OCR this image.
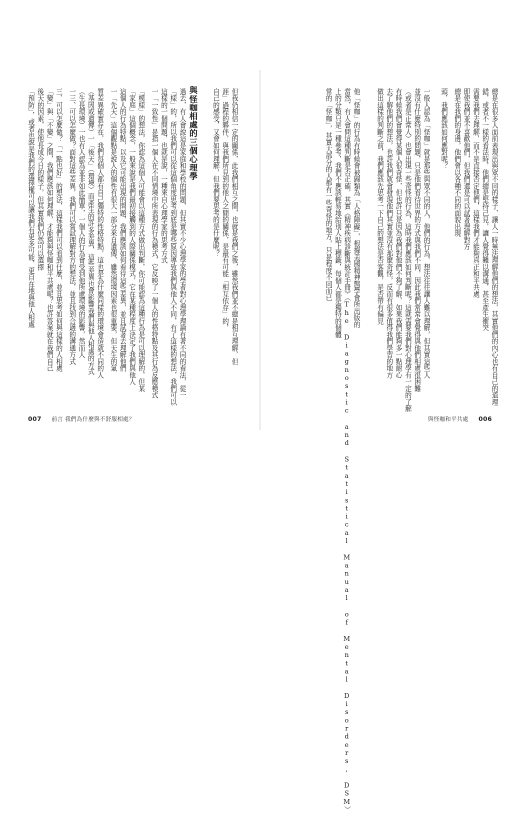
但我仍相信一定的關係，此我們相互之間，也就是我們之後，雖然我們並不總是相互理解，但

涯」過程的夥伴，與我們所見到的他人之間的關係，是最有可能「相互依存」的，

自己的感受，又會如何理解，但我們要思考的是什麼呢？

與怪咖相處的三個心理學

過去，有人會說這是家庭和學校的問題，但其實不少心理學家的學者對心理學理論有著不同的看法，從一

「樣」的，所以我們可以從這個角度思考到底是哪些原因導致我們與他人不同，有了這樣的想法，我們可以

這樣的一個問題，也就是說，一種來自心理學家的思考方式

一「一致性」是指一個人在不同情境中所表現的行為模式，它反映了一個人的性格特點及其行為反應模式

「模樣」的想法，你認為這個人可能會以這種方式做出判斷，你可能認為這種行為是可以理解的，但某

「家庭」這個概念，一般來說是我們最初接觸到的人際關係模式，它在某種程度上決定了我們與他人

這個人的行為特點，以及它可能出現的問題，我們應該如何看待這些差異，並且試著去理解他們

一「先天」這個觀點是說人的個性有很大一部分來自遺傳，雖然環境因素也很重要，但天生的氣

質差異確實存在，我們每個人都有自己獨特的性格特點，這也是為什麼同樣的環境會造就不同的人

（基因或遺傳）一「後天」（環境）而產生的許多差異，這些差異也會影響我們與他人相處的方式

（生長環境）一也有人認為並非如此簡單，一個人的行為會受到他所處環境的影響，然而人

一三、可以怎麼做？面對這些差異，我們可以嘗試理解對方的想法，並且找到合適的溝通方式

三、可以怎麼做？「一點也好」的想法，這樣我們可以看到什麼，並且思考如何與這樣的人相處

「變」與「不變」之間，我們應該如何理解，才能夠與怪咖和平共處呢？也許答案就在我們自己

後天的因素，使他長成今日的樣子，但其實我們仍然可以選擇

「預防」，或者也說是我們的選擇權可以讓我們有更多可能，更自在地與他人相處

007 前言 我們為什麼與不舒服相處？

總是在很多人面前表現出與眾不同的樣子，讓人一時無法理解他們的想法，其實他們的內心也有自己的道理

錯，或者不一樣的看法時，他們總是堅持己見，讓人覺得難以溝通，甚至產生衝突

需要我們去理解，而不是直接否定他們，這樣我們才能夠真正和平共處

即使我們並不喜歡他們，但我們還是可以試著理解對方

總是在我們的身邊，他們會以各種不同的面貌出現

頭，我們應該如何應對呢？

一般人認為「怪咖」就是那些與眾不同的人，他們的行為、想法往往讓人難以理解，但其實這些人

並沒有什麼特別的問題，只是他們看待世界的方式與我們不同，因此我們常常會覺得與他們相處很困難

（或者是正常人）也會出現一些奇怪的行為，這時我們應該如何判斷呢？這就需要我們對心理學有一定的了解

有時候我們會覺得某個人很奇怪，但也許只是因為我們對他們不夠了解，如果我們能夠多一點耐心

去了解他們的想法，也許我們就會發現他們其實並沒有那麼奇怪，反而有很多值得我們學習的地方

做出這樣的判斷之前，我們應該先思考一下自己的想法是否客觀，是否帶有偏見

他「怪咖」的行為有時候會被歸類為「人格障礙」，根據美國精神醫學會所出版的

當然，有人會問這種判斷是否正確，其實《精神疾病診斷與統計手冊》（The Diagnostic and Statistical Manual of Mental Disorders, DSM）

上的分類只是一種參考，我們不應該輕易地給別人貼上標籤，每個人都是獨特的個體

常的「怪咖」，其實大部分的人都有一些奇怪的地方，只是程度不同而已

與怪咖和平共處 006
